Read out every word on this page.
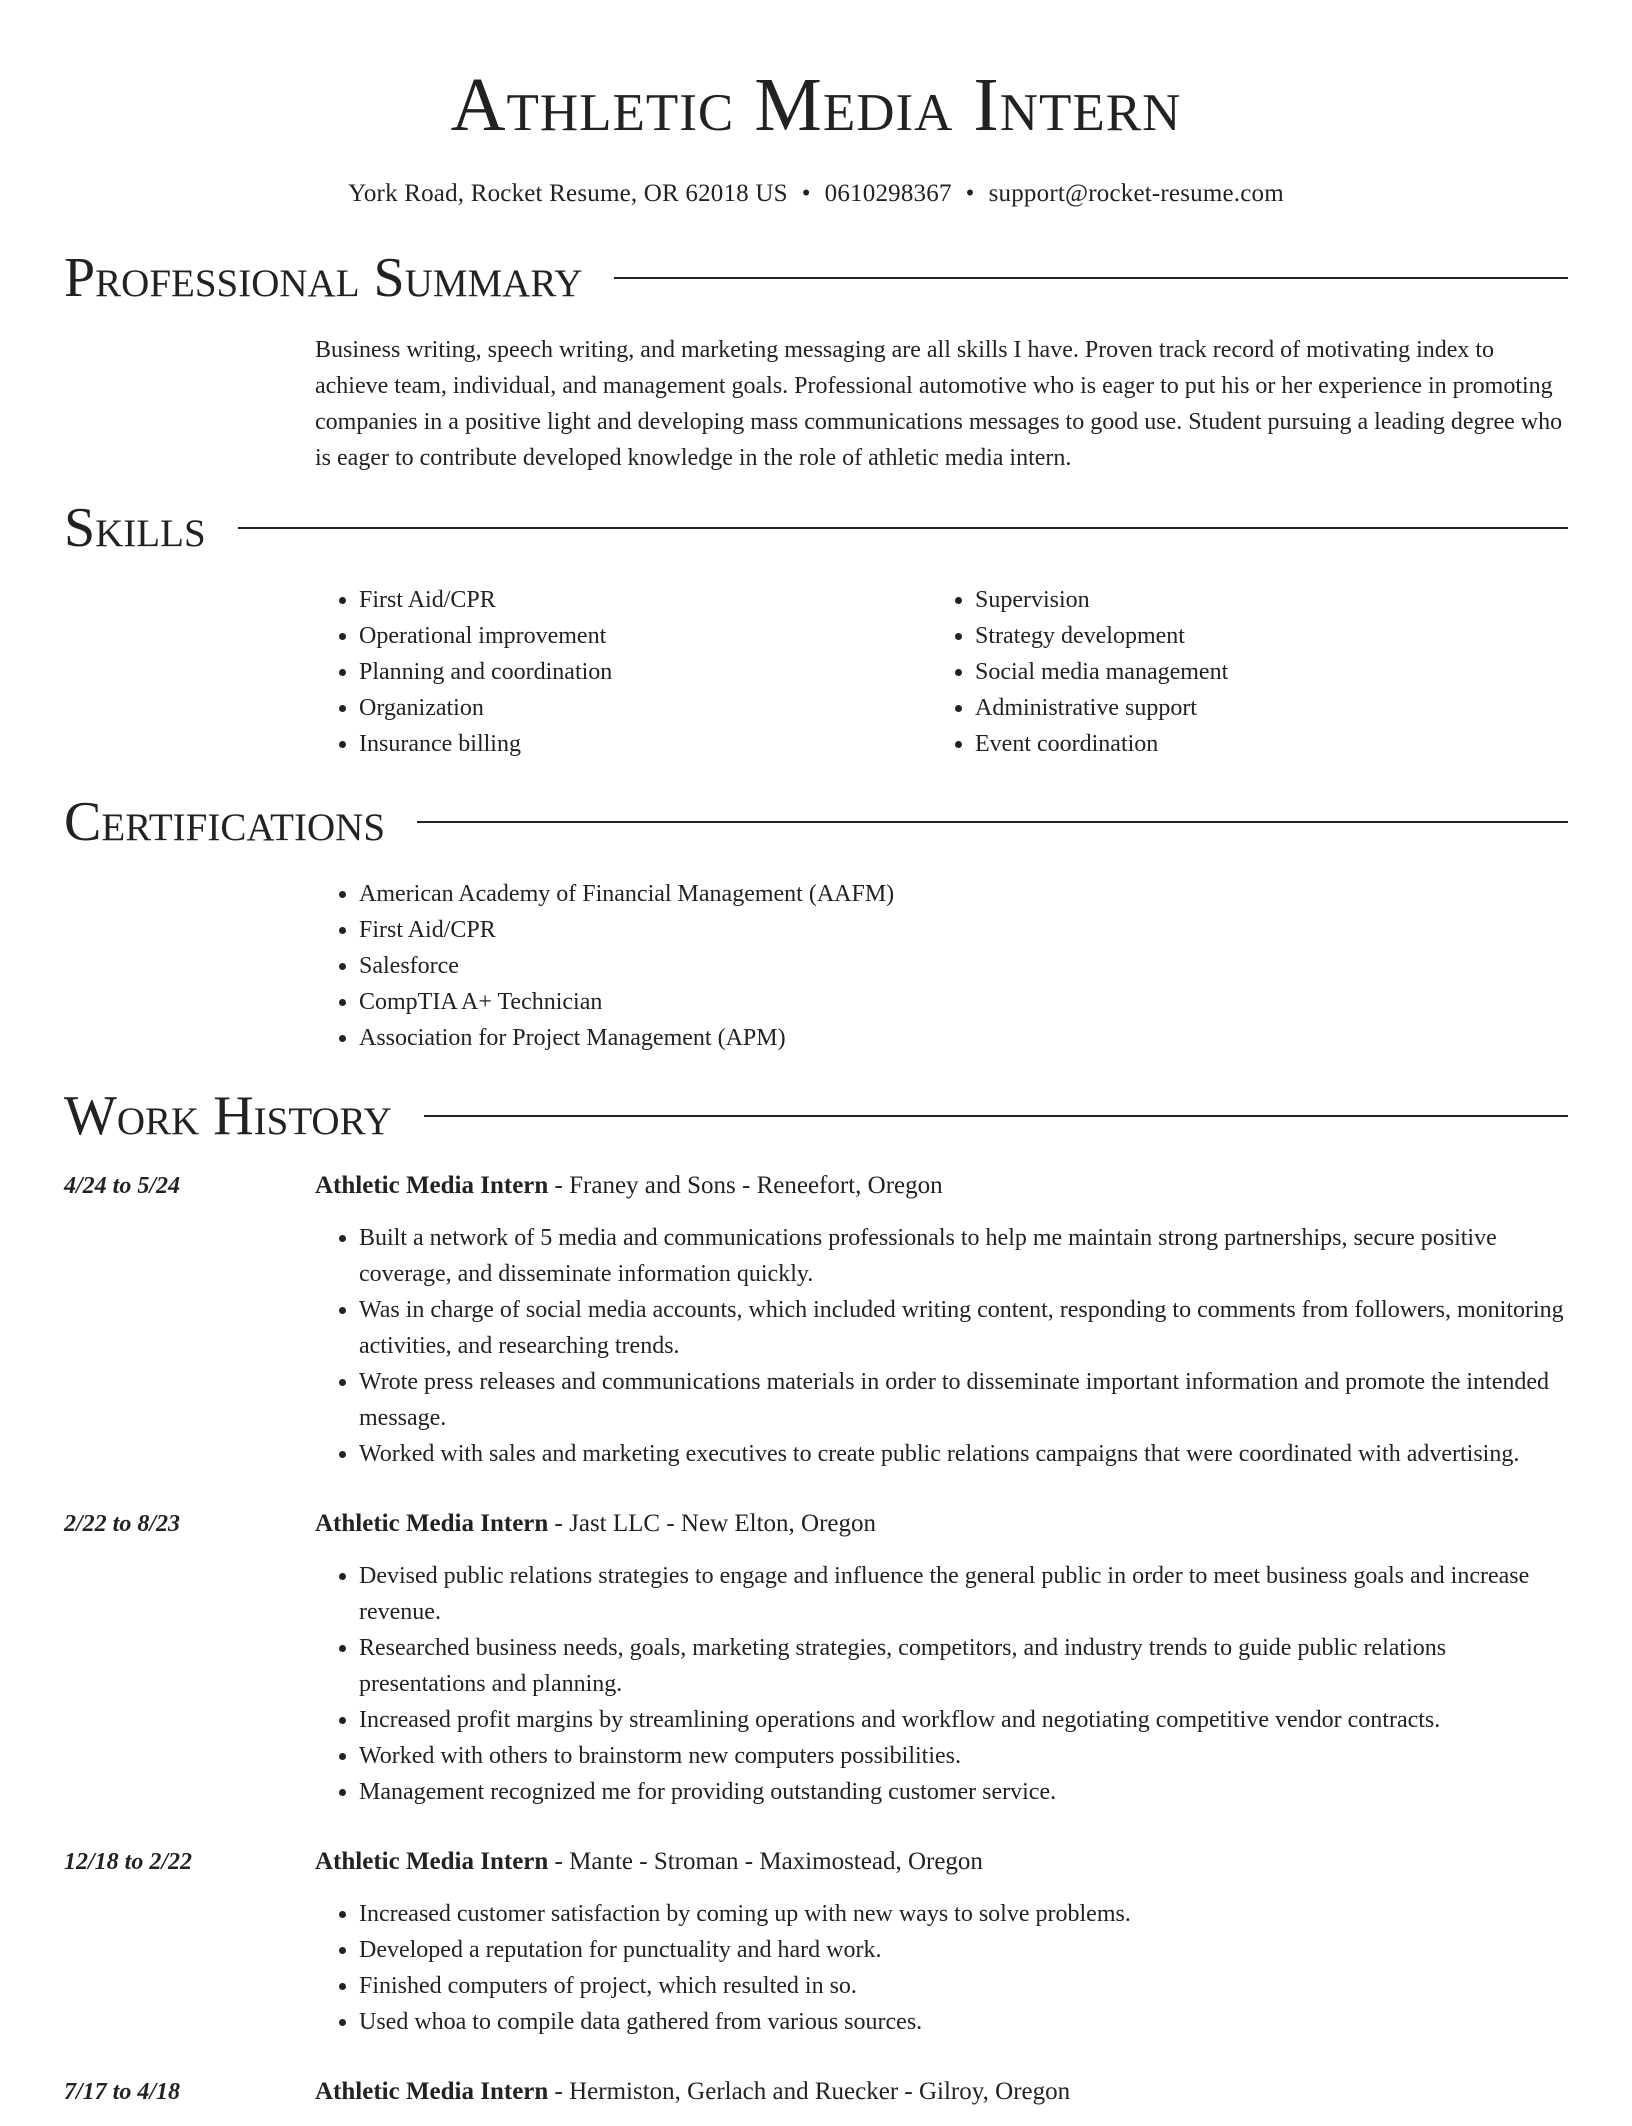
Athletic Media Intern
York Road, Rocket Resume, OR 62018 US • 0610298367 • support@rocket-resume.com
Professional Summary

Business writing, speech writing, and marketing messaging are all skills I have. Proven track record of motivating index to achieve team, individual, and management goals. Professional automotive who is eager to put his or her experience in promoting companies in a positive light and developing mass communications messages to good use. Student pursuing a leading degree who is eager to contribute developed knowledge in the role of athletic media intern.

Skills
• First Aid/CPR
• Operational improvement
• Planning and coordination
• Organization
• Insurance billing
• Supervision
• Strategy development
• Social media management
• Administrative support
• Event coordination
Certifications
• American Academy of Financial Management (AAFM)
• First Aid/CPR
• Salesforce
• CompTIA A+ Technician
• Association for Project Management (APM)
Work History
4/24 to 5/24	Athletic Media Intern - Franey and Sons - Reneefort, Oregon
• Built a network of 5 media and communications professionals to help me maintain strong partnerships, secure positive coverage, and disseminate information quickly.
• Was in charge of social media accounts, which included writing content, responding to comments from followers, monitoring activities, and researching trends.
• Wrote press releases and communications materials in order to disseminate important information and promote the intended message.
• Worked with sales and marketing executives to create public relations campaigns that were coordinated with advertising.
2/22 to 8/23	Athletic Media Intern - Jast LLC - New Elton, Oregon
• Devised public relations strategies to engage and influence the general public in order to meet business goals and increase revenue.
• Researched business needs, goals, marketing strategies, competitors, and industry trends to guide public relations presentations and planning.
• Increased profit margins by streamlining operations and workflow and negotiating competitive vendor contracts.
• Worked with others to brainstorm new computers possibilities.
• Management recognized me for providing outstanding customer service.
12/18 to 2/22	Athletic Media Intern - Mante - Stroman - Maximostead, Oregon
• Increased customer satisfaction by coming up with new ways to solve problems.
• Developed a reputation for punctuality and hard work.
• Finished computers of project, which resulted in so.
• Used whoa to compile data gathered from various sources.
7/17 to 4/18	Athletic Media Intern - Hermiston, Gerlach and Ruecker - Gilroy, Oregon
